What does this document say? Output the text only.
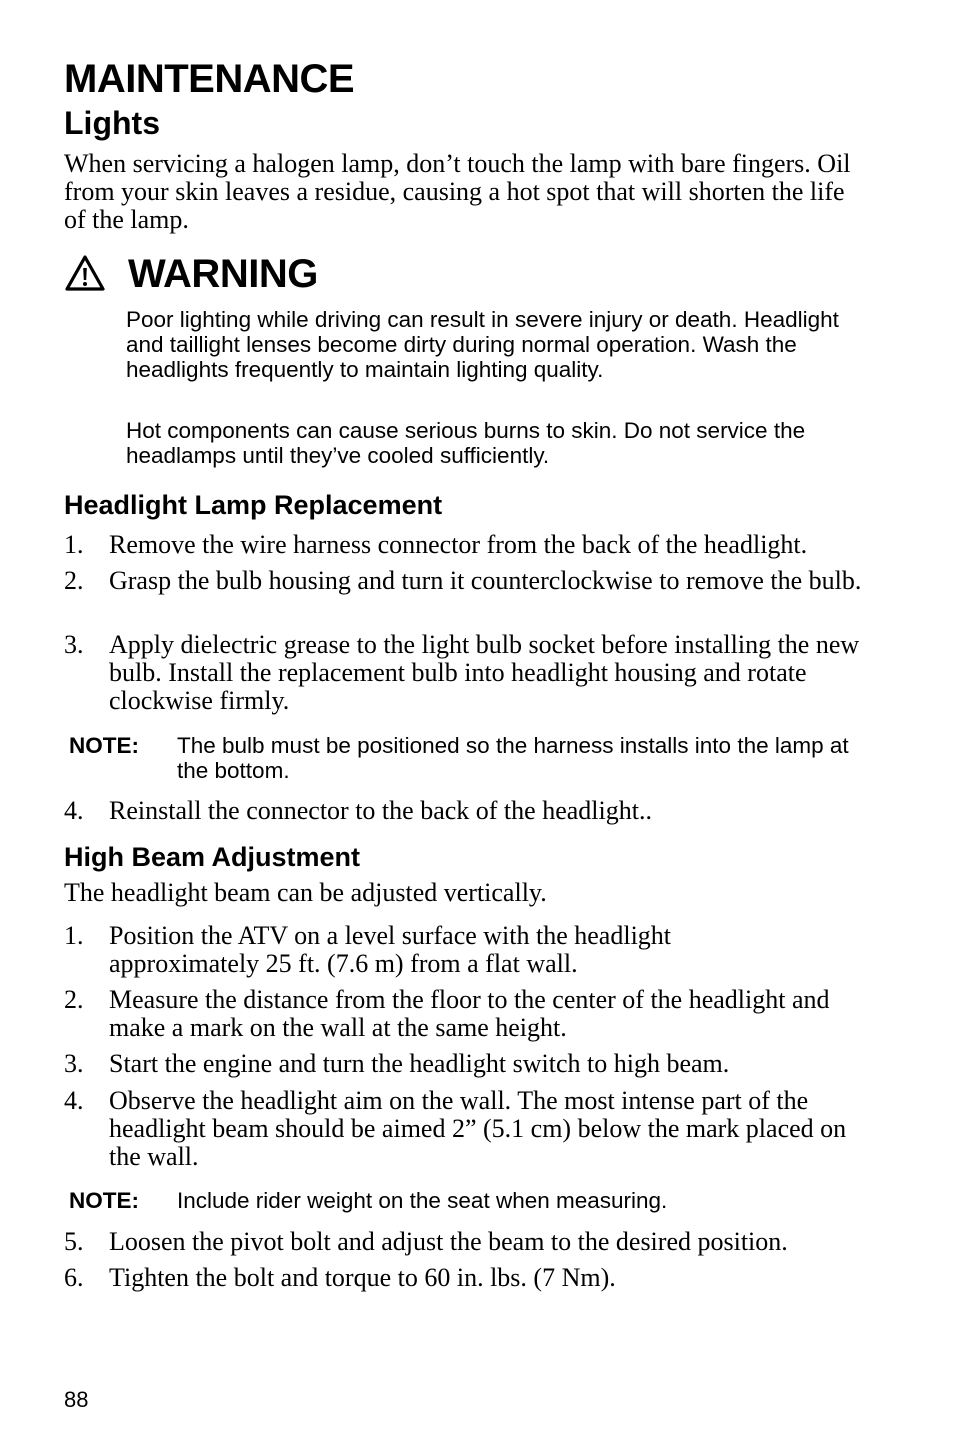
MAINTENANCE
Lights

When servicing a halogen lamp, don’t touch the lamp with bare fingers. Oil from your skin leaves a residue, causing a hot spot that will shorten the life of the lamp.

WARNING

Poor lighting while driving can result in severe injury or death. Headlight and taillight lenses become dirty during normal operation. Wash the headlights frequently to maintain lighting quality.

Hot components can cause serious burns to skin. Do not service the headlamps until they’ve cooled sufficiently.

Headlight Lamp Replacement
1. Remove the wire harness connector from the back of the headlight.
2. Grasp the bulb housing and turn it counterclockwise to remove the bulb.
3. Apply dielectric grease to the light bulb socket before installing the new bulb. Install the replacement bulb into headlight housing and rotate clockwise firmly.
NOTE: The bulb must be positioned so the harness installs into the lamp at the bottom.
4. Reinstall the connector to the back of the headlight..
High Beam Adjustment

The headlight beam can be adjusted vertically.

1. Position the ATV on a level surface with the headlight approximately 25 ft. (7.6 m) from a flat wall.
2. Measure the distance from the floor to the center of the headlight and make a mark on the wall at the same height.
3. Start the engine and turn the headlight switch to high beam.
4. Observe the headlight aim on the wall. The most intense part of the headlight beam should be aimed 2” (5.1 cm) below the mark placed on the wall.
NOTE: Include rider weight on the seat when measuring.
5. Loosen the pivot bolt and adjust the beam to the desired position.
6. Tighten the bolt and torque to 60 in. lbs. (7 Nm).
88
